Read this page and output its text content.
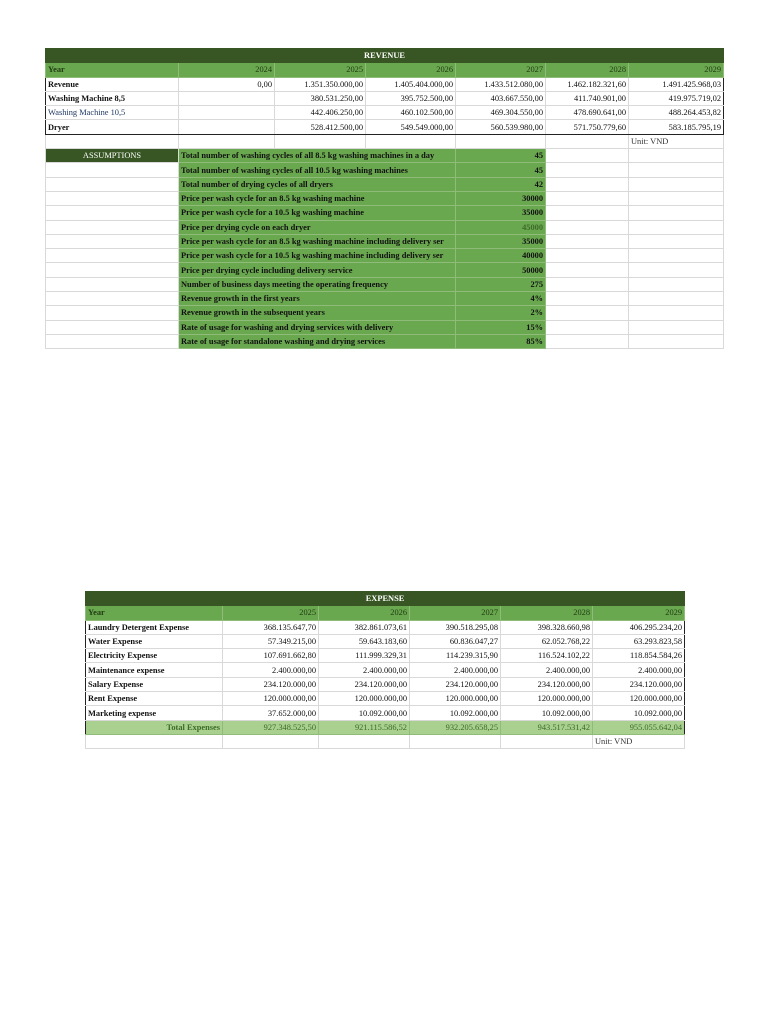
REVENUE						
Year	2024	2025	2026	2027	2028	2029
Revenue	0,00	1.351.350.000,00	1.405.404.000,00	1.433.512.080,00	1.462.182.321,60	1.491.425.968,03
Washing Machine 8,5		380.531.250,00	395.752.500,00	403.667.550,00	411.740.901,00	419.975.719,02
Washing Machine 10,5		442.406.250,00	460.102.500,00	469.304.550,00	478.690.641,00	488.264.453,82
Dryer		528.412.500,00	549.549.000,00	560.539.980,00	571.750.779,60	583.185.795,19
						Unit: VND
ASSUMPTIONS	Total number of washing cycles of all 8.5 kg washing machines in a day			45		
	Total number of washing cycles of all 10.5 kg washing machines			45		
	Total number of drying cycles of all dryers			42		
	Price per wash cycle for an 8.5 kg washing machine			30000		
	Price per wash cycle for a 10.5 kg washing machine			35000		
	Price per drying cycle on each dryer			45000		
	Price per wash cycle for an 8.5 kg washing machine including delivery ser			35000		
	Price per wash cycle for a 10.5 kg washing machine including delivery ser			40000		
	Price per drying cycle including delivery service			50000		
	Number of business days meeting the operating frequency			275		
	Revenue growth in the first years			4%		
	Revenue growth in the subsequent years			2%		
	Rate of usage for washing and drying services with delivery			15%		
	Rate of usage for standalone washing and drying services			85%		
EXPENSE					
Year	2025	2026	2027	2028	2029
Laundry Detergent Expense	368.135.647,70	382.861.073,61	390.518.295,08	398.328.660,98	406.295.234,20
Water Expense	57.349.215,00	59.643.183,60	60.836.047,27	62.052.768,22	63.293.823,58
Electricity Expense	107.691.662,80	111.999.329,31	114.239.315,90	116.524.102,22	118.854.584,26
Maintenance expense	2.400.000,00	2.400.000,00	2.400.000,00	2.400.000,00	2.400.000,00
Salary Expense	234.120.000,00	234.120.000,00	234.120.000,00	234.120.000,00	234.120.000,00
Rent Expense	120.000.000,00	120.000.000,00	120.000.000,00	120.000.000,00	120.000.000,00
Marketing expense	37.652.000,00	10.092.000,00	10.092.000,00	10.092.000,00	10.092.000,00
Total Expenses	927.348.525,50	921.115.586,52	932.205.658,25	943.517.531,42	955.055.642,04
					Unit: VND
